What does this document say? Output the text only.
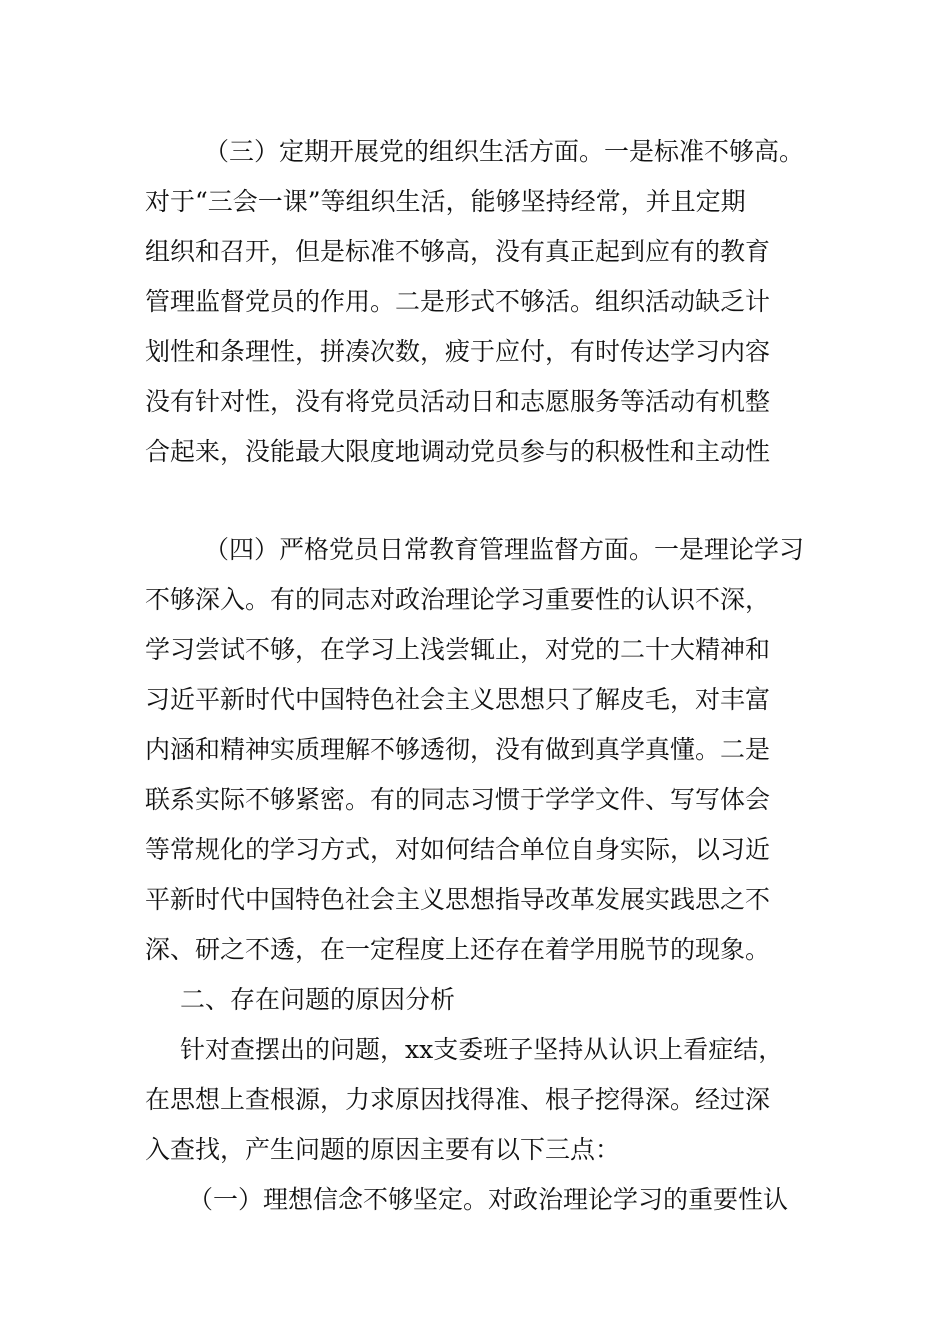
（三）定期开展党的组织生活方面。一是标准不够高。
对于“三会一课”等组织生活，能够坚持经常，并且定期
组织和召开，但是标准不够高，没有真正起到应有的教育
管理监督党员的作用。二是形式不够活。组织活动缺乏计
划性和条理性，拼凑次数，疲于应付，有时传达学习内容
没有针对性，没有将党员活动日和志愿服务等活动有机整
合起来，没能最大限度地调动党员参与的积极性和主动性
（四）严格党员日常教育管理监督方面。一是理论学习
不够深入。有的同志对政治理论学习重要性的认识不深，
学习尝试不够，在学习上浅尝辄止，对党的二十大精神和
习近平新时代中国特色社会主义思想只了解皮毛，对丰富
内涵和精神实质理解不够透彻，没有做到真学真懂。二是
联系实际不够紧密。有的同志习惯于学学文件、写写体会
等常规化的学习方式，对如何结合单位自身实际，以习近
平新时代中国特色社会主义思想指导改革发展实践思之不
深、研之不透，在一定程度上还存在着学用脱节的现象。
二、存在问题的原因分析
针对查摆出的问题，xx支委班子坚持从认识上看症结，
在思想上查根源，力求原因找得准、根子挖得深。经过深
入查找，产生问题的原因主要有以下三点：
（一）理想信念不够坚定。对政治理论学习的重要性认
